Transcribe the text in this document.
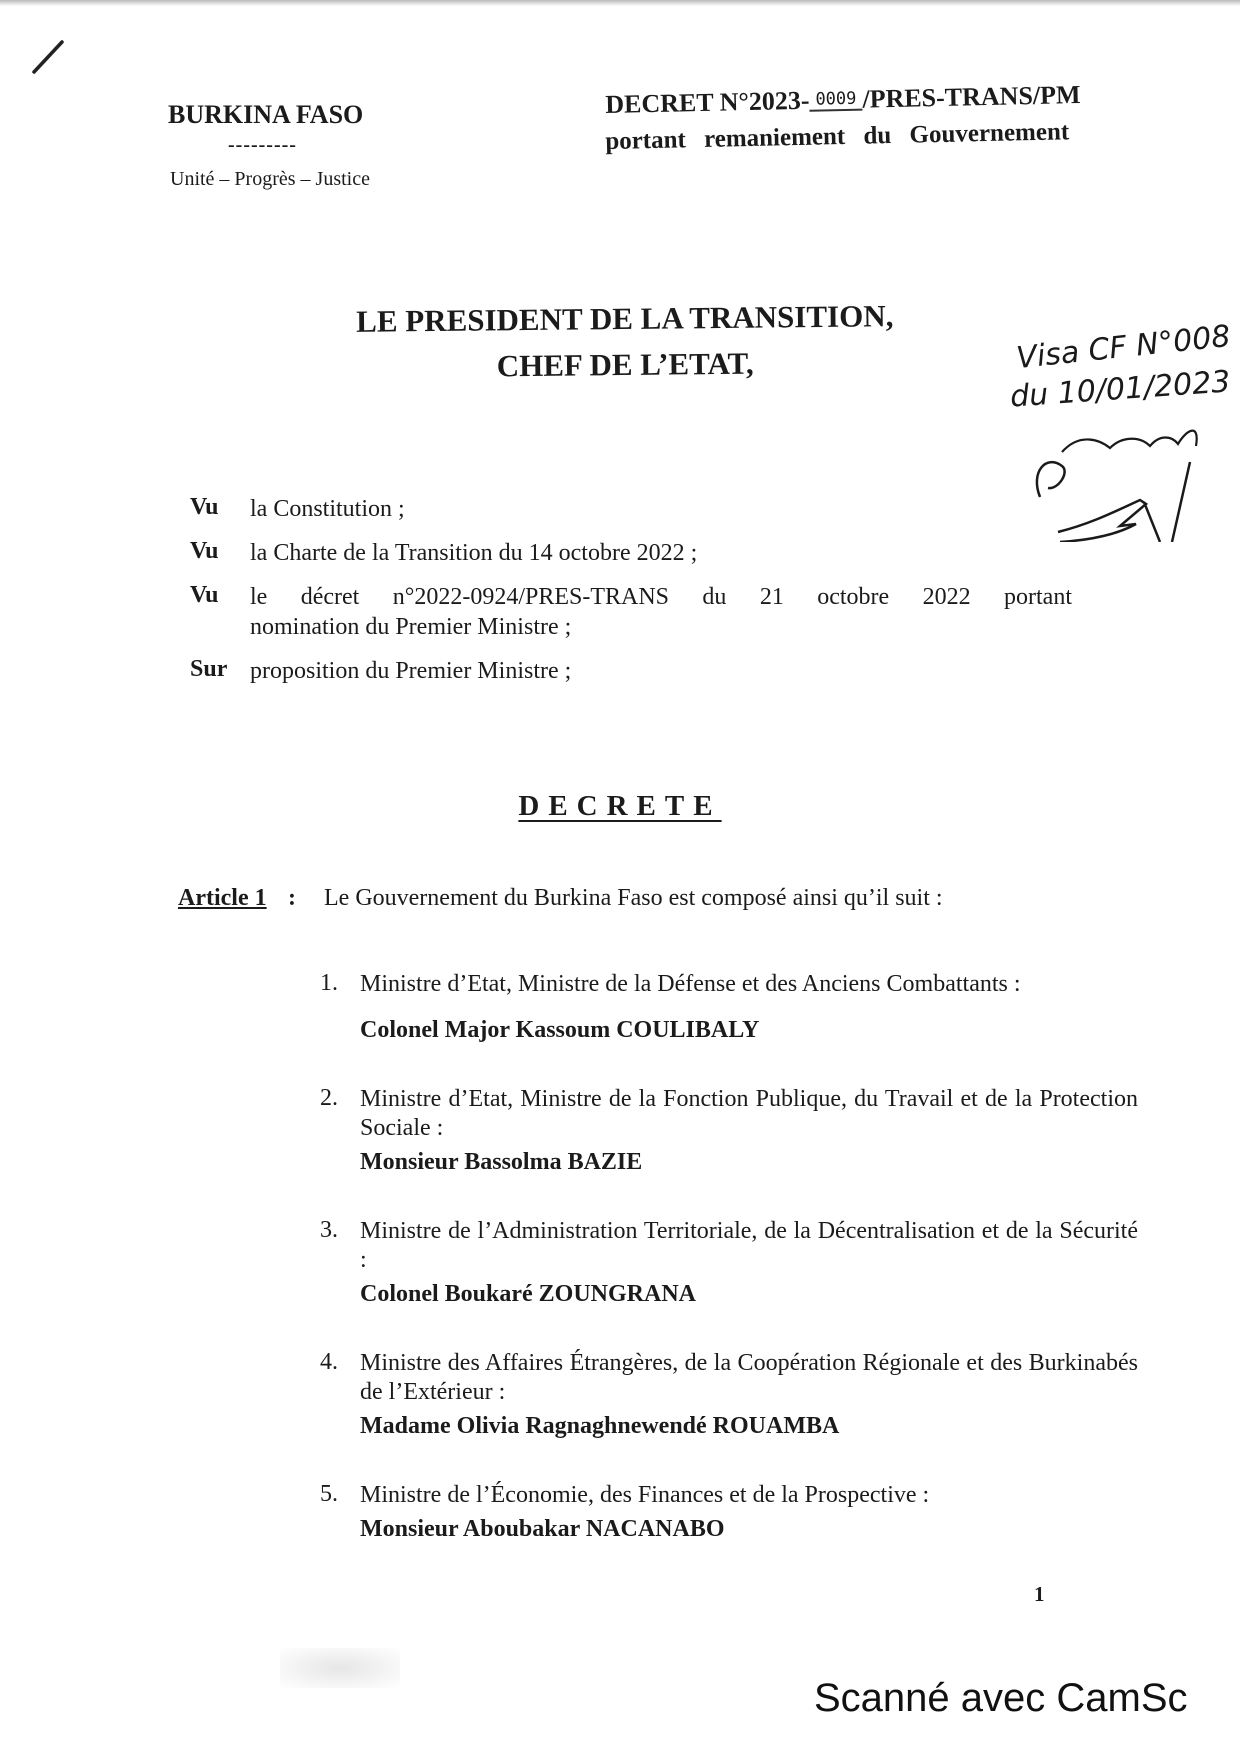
BURKINA FASO
---------
Unité – Progrès – Justice
DECRET N°2023- 0009 /PRES-TRANS/PM
portant remaniement du Gouvernement
LE PRESIDENT DE LA TRANSITION,
CHEF DE L’ETAT,	Visa CF N°008
du 10/01/2023
Vu	la Constitution ;
Vu	la Charte de la Transition du 14 octobre 2022 ;
Vu	le décret n°2022-0924/PRES-TRANS du 21 octobre 2022 portant
nomination du Premier Ministre ;
Sur proposition du Premier Ministre ;
DECRETE
Article 1 :	Le Gouvernement du Burkina Faso est composé ainsi qu’il suit :
1. Ministre d’Etat, Ministre de la Défense et des Anciens Combattants :
Colonel Major Kassoum COULIBALY
2. Ministre d’Etat, Ministre de la Fonction Publique, du Travail et de la Protection Sociale :
Monsieur Bassolma BAZIE
3. Ministre de l’Administration Territoriale, de la Décentralisation et de la Sécurité :
Colonel Boukaré ZOUNGRANA
4. Ministre des Affaires Étrangères, de la Coopération Régionale et des Burkinabés de l’Extérieur :
Madame Olivia Ragnaghnewendé ROUAMBA
5. Ministre de l’Économie, des Finances et de la Prospective :
Monsieur Aboubakar NACANABO
1
Scanné avec CamSc
